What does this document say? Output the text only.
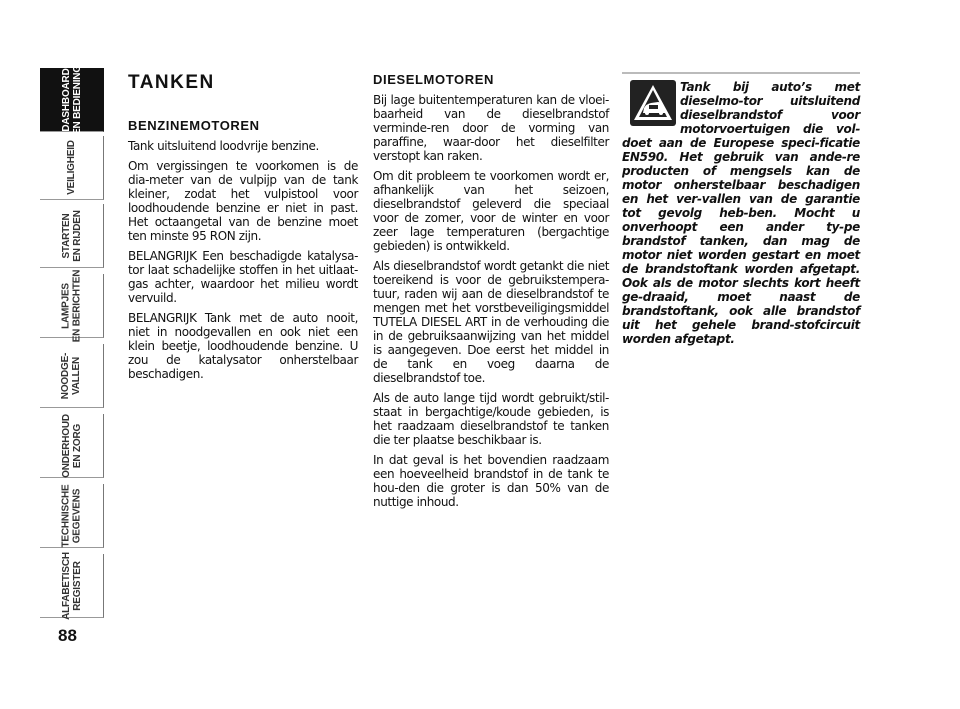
DASHBOARD EN BEDIENING
VEILIGHEID
STARTEN EN RIJDEN
LAMPJES EN BERICHTEN
NOODGE- VALLEN
ONDERHOUD EN ZORG
TECHNISCHE GEGEVENS
ALFABETISCH REGISTER
88
TANKEN
BENZINEMOTOREN

Tank uitsluitend loodvrije benzine.

Om vergissingen te voorkomen is de dia-meter van de vulpijp van de tank kleiner, zodat het vulpistool voor loodhoudende benzine er niet in past. Het octaangetal van de benzine moet ten minste 95 RON zijn.

BELANGRIJK Een beschadigde katalysa-tor laat schadelijke stoffen in het uitlaat-gas achter, waardoor het milieu wordt vervuild.

BELANGRIJK Tank met de auto nooit, niet in noodgevallen en ook niet een klein beetje, loodhoudende benzine. U zou de katalysator onherstelbaar beschadigen.

DIESELMOTOREN

Bij lage buitentemperaturen kan de vloei-baarheid van de dieselbrandstof verminde-ren door de vorming van paraffine, waar-door het dieselfilter verstopt kan raken.

Om dit probleem te voorkomen wordt er, afhankelijk van het seizoen, dieselbrandstof geleverd die speciaal voor de zomer, voor de winter en voor zeer lage temperaturen (bergachtige gebieden) is ontwikkeld.

Als dieselbrandstof wordt getankt die niet toereikend is voor de gebruikstempera-tuur, raden wij aan de dieselbrandstof te mengen met het vorstbeveiligingsmiddel TUTELA DIESEL ART in de verhouding die in de gebruiksaanwijzing van het middel is aangegeven. Doe eerst het middel in de tank en voeg daarna de dieselbrandstof toe.

Als de auto lange tijd wordt gebruikt/stil-staat in bergachtige/koude gebieden, is het raadzaam dieselbrandstof te tanken die ter plaatse beschikbaar is.

In dat geval is het bovendien raadzaam een hoeveelheid brandstof in de tank te hou-den die groter is dan 50% van de nuttige inhoud.

Tank bij auto’s met dieselmo-tor uitsluitend dieselbrandstof voor motorvoertuigen die vol-doet aan de Europese speci-ficatie EN590. Het gebruik van ande-re producten of mengsels kan de motor onherstelbaar beschadigen en het ver-vallen van de garantie tot gevolg heb-ben. Mocht u onverhoopt een ander ty-pe brandstof tanken, dan mag de motor niet worden gestart en moet de brandstoftank worden afgetapt. Ook als de motor slechts kort heeft ge-draaid, moet naast de brandstoftank, ook alle brandstof uit het gehele brand-stofcircuit worden afgetapt.
